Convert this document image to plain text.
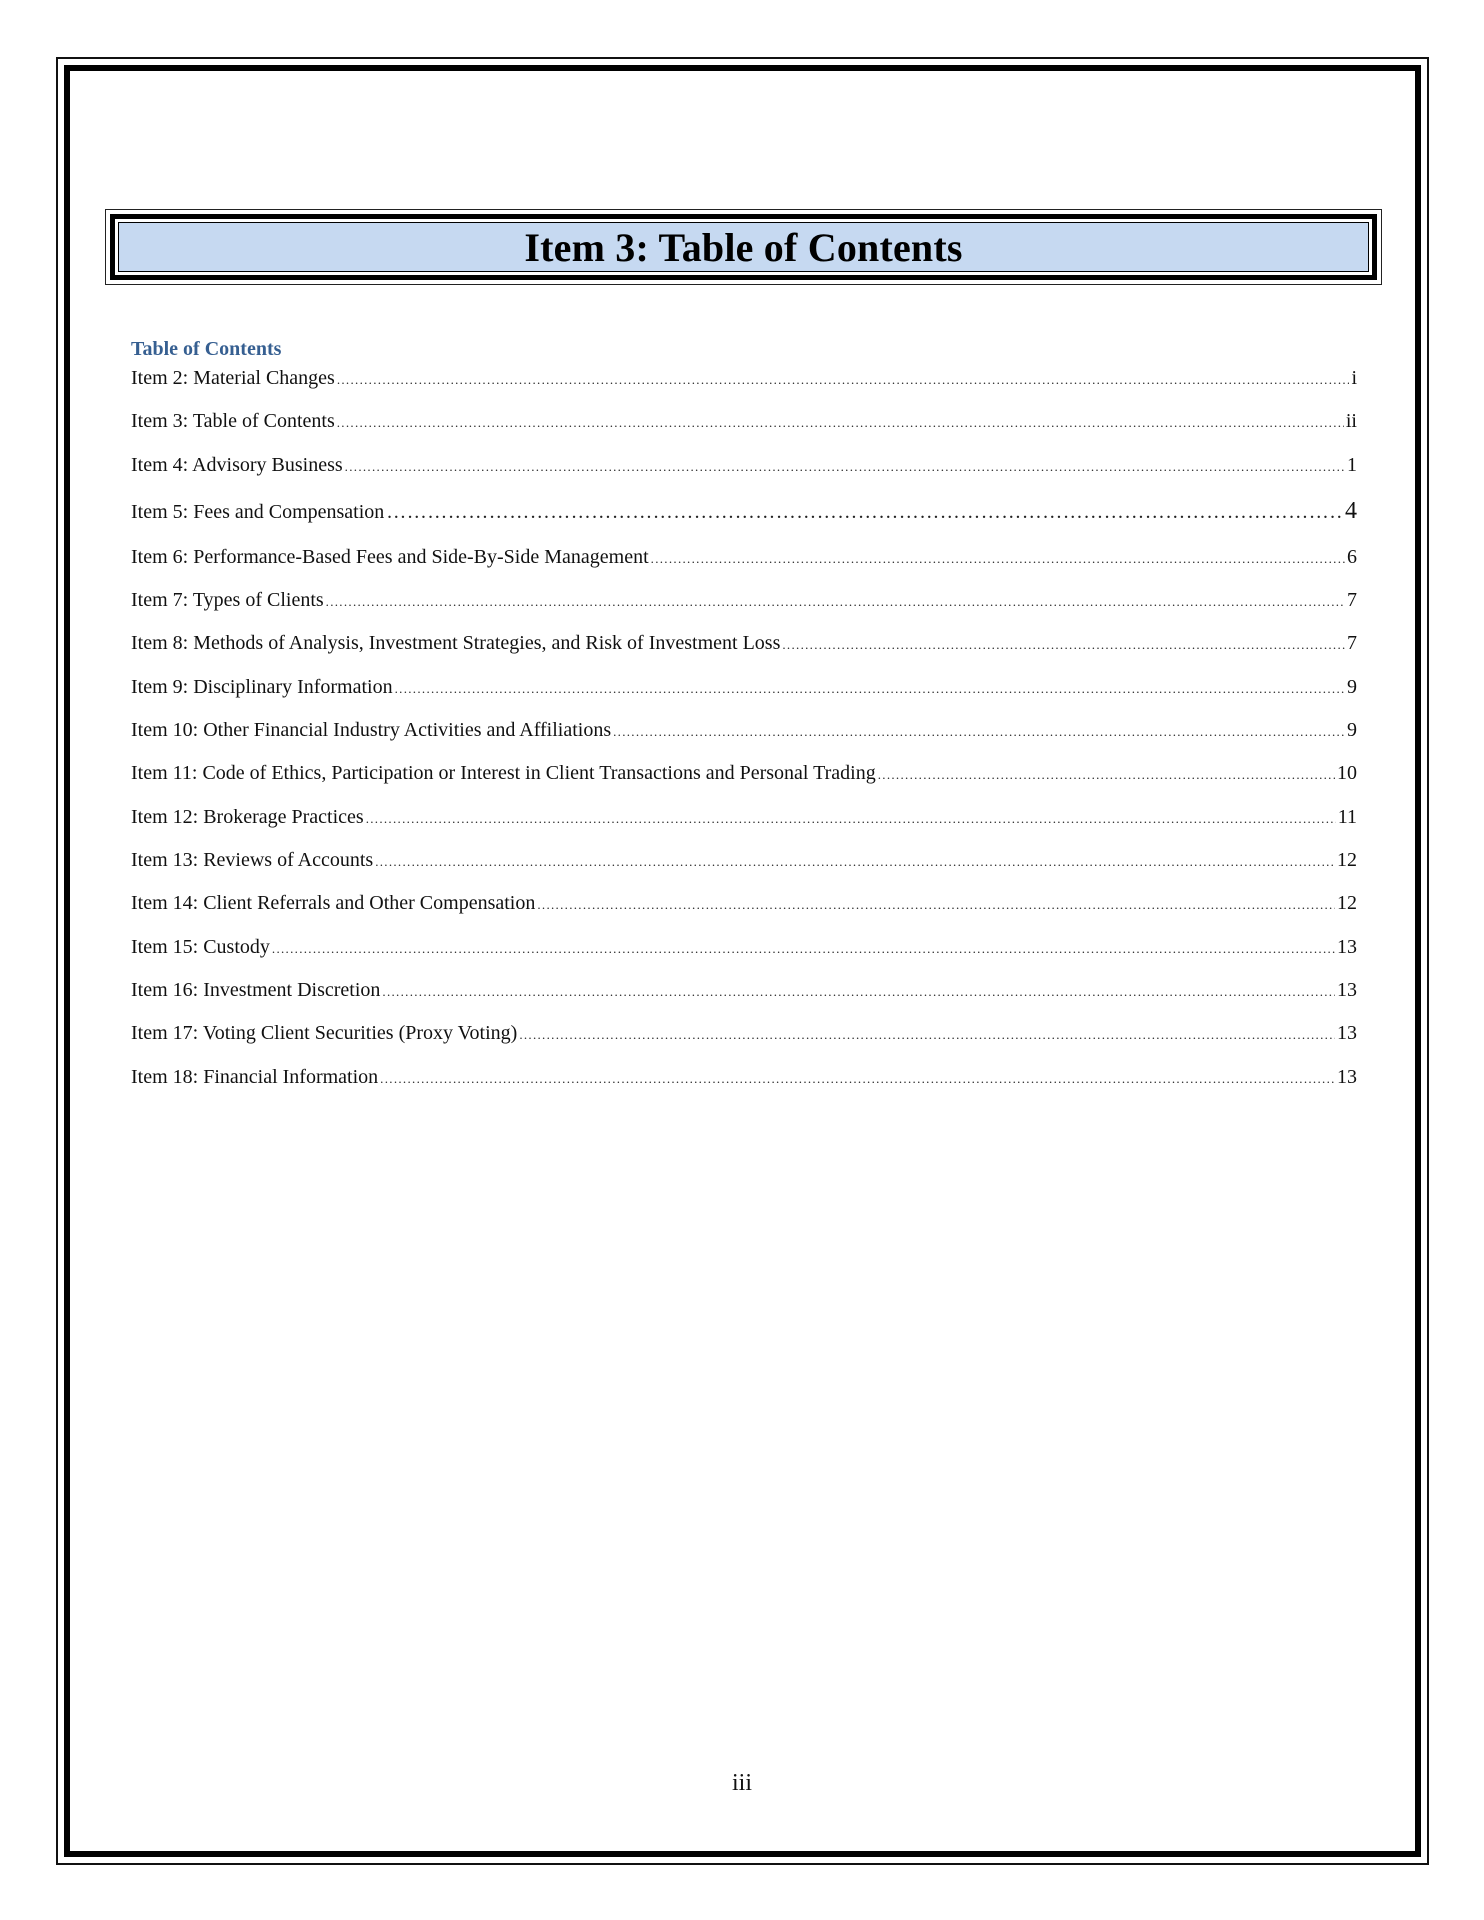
Item 3: Table of Contents
Table of Contents
Item 2: Material Changes .....	i
Item 3: Table of Contents .....	ii
Item 4: Advisory Business .....	1
Item 5: Fees and Compensation ……………………………………………………………………………………………………………………………………………………………………………………	4
Item 6: Performance-Based Fees and Side-By-Side Management .....	6
Item 7: Types of Clients .....	7
Item 8: Methods of Analysis, Investment Strategies, and Risk of Investment Loss .....	7
Item 9: Disciplinary Information .....	9
Item 10: Other Financial Industry Activities and Affiliations .....	9
Item 11: Code of Ethics, Participation or Interest in Client Transactions and Personal Trading .....	10
Item 12: Brokerage Practices .....	11
Item 13: Reviews of Accounts .....	12
Item 14: Client Referrals and Other Compensation .....	12
Item 15: Custody .....	13
Item 16: Investment Discretion .....	13
Item 17: Voting Client Securities (Proxy Voting) .....	13
Item 18: Financial Information .....	13
iii
